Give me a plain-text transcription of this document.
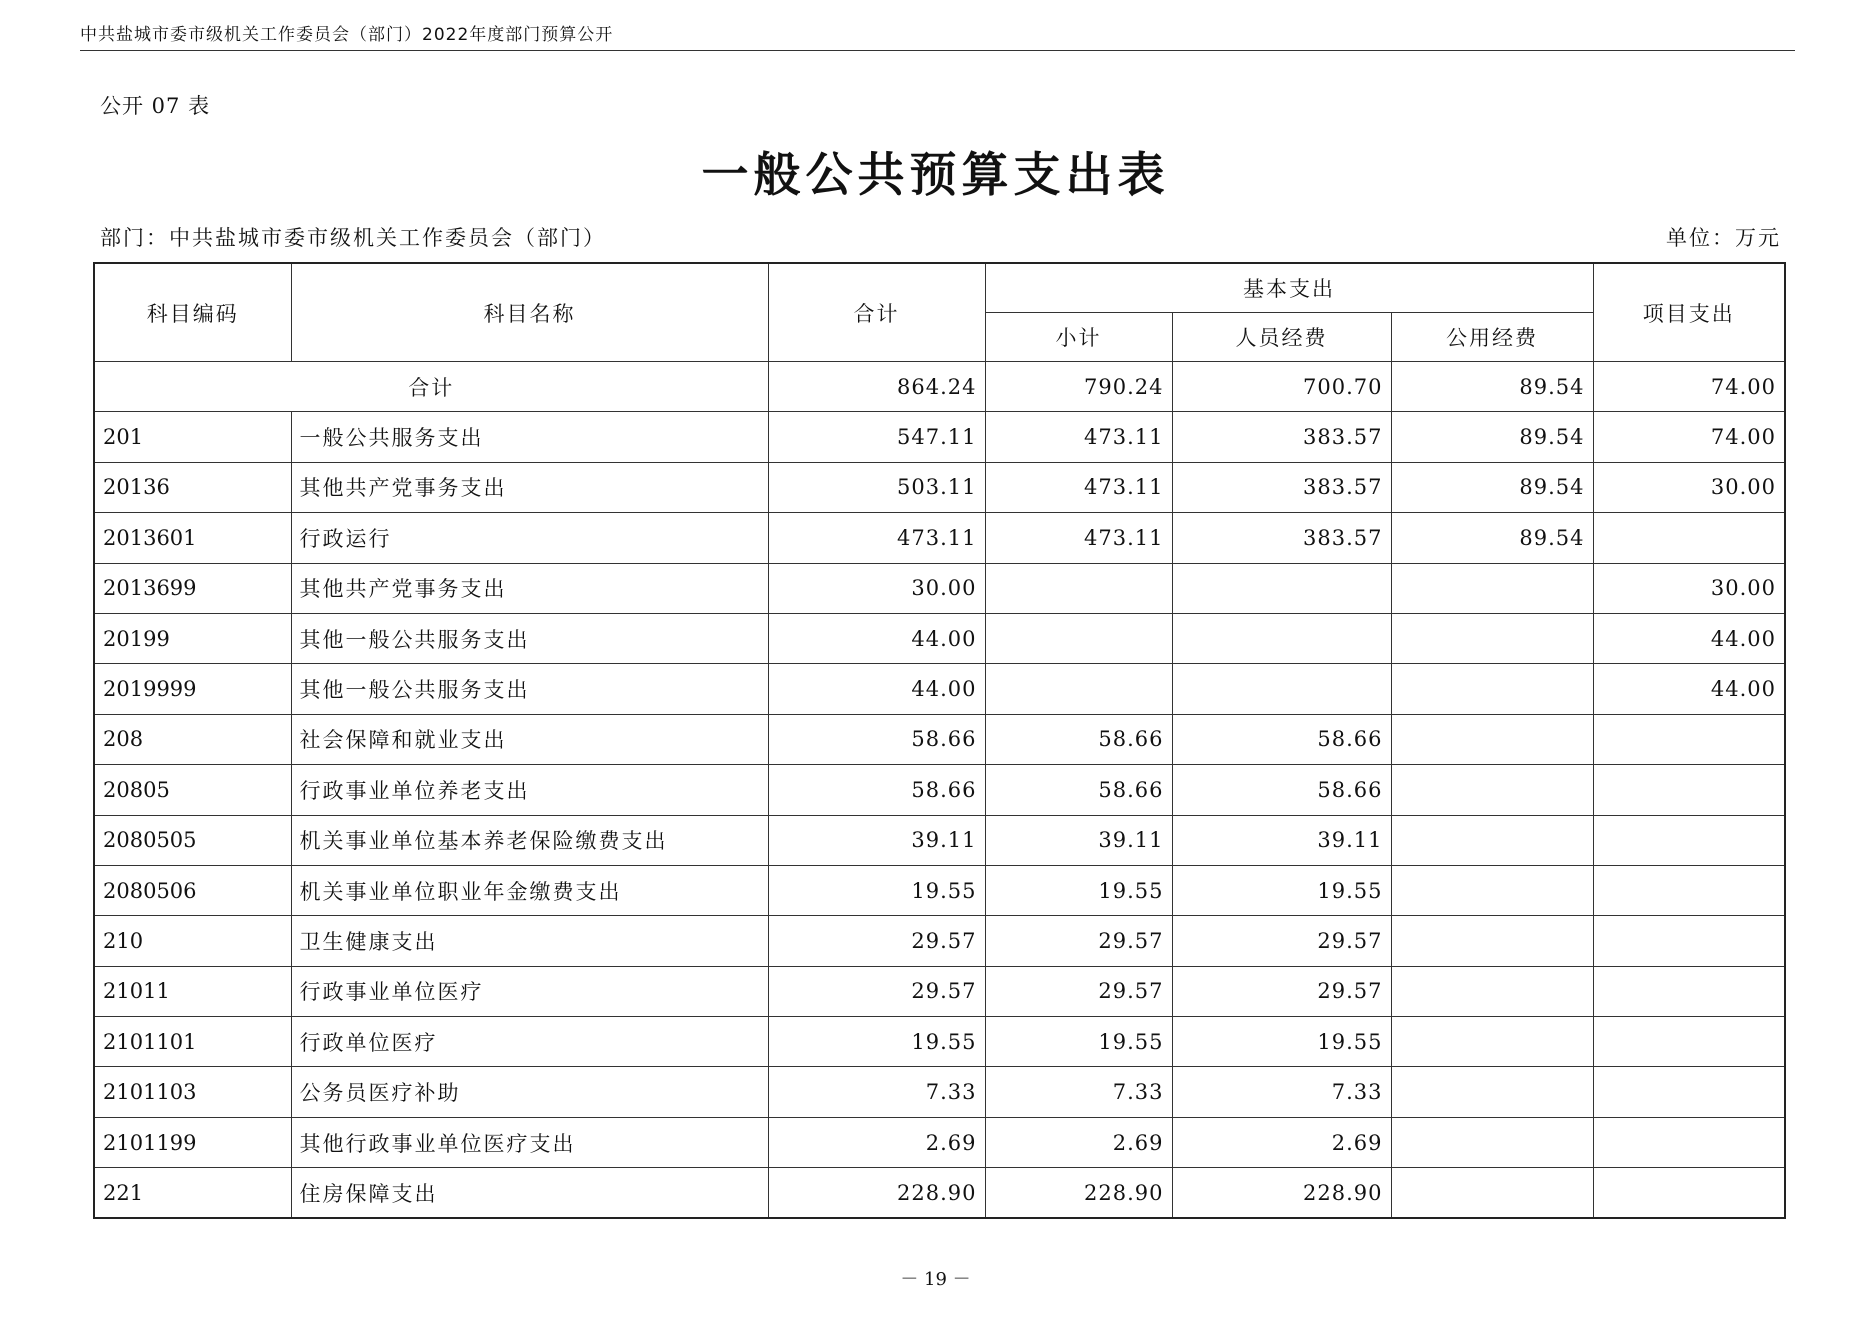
中共盐城市委市级机关工作委员会（部门）2022年度部门预算公开
公开 07 表
一般公共预算支出表
部门：中共盐城市委市级机关工作委员会（部门）	单位：万元
科目编码	科目名称	合计	基本支出			项目支出
			小计	人员经费	公用经费	
合计		864.24	790.24	700.70	89.54	74.00
201	一般公共服务支出	547.11	473.11	383.57	89.54	74.00
20136	其他共产党事务支出	503.11	473.11	383.57	89.54	30.00
2013601	行政运行	473.11	473.11	383.57	89.54	
2013699	其他共产党事务支出	30.00				30.00
20199	其他一般公共服务支出	44.00				44.00
2019999	其他一般公共服务支出	44.00				44.00
208	社会保障和就业支出	58.66	58.66	58.66		
20805	行政事业单位养老支出	58.66	58.66	58.66		
2080505	机关事业单位基本养老保险缴费支出	39.11	39.11	39.11		
2080506	机关事业单位职业年金缴费支出	19.55	19.55	19.55		
210	卫生健康支出	29.57	29.57	29.57		
21011	行政事业单位医疗	29.57	29.57	29.57		
2101101	行政单位医疗	19.55	19.55	19.55		
2101103	公务员医疗补助	7.33	7.33	7.33		
2101199	其他行政事业单位医疗支出	2.69	2.69	2.69		
221	住房保障支出	228.90	228.90	228.90		
－ 19 －
